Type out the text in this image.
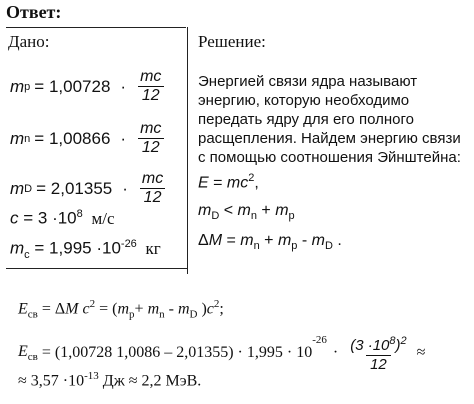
Ответ:
Дано:
m $p = 1,00728 \cdot \frac{mc}{12}$
m $n = 1,00866 \cdot \frac{mc}{12}$
m $D = 2,01355 \cdot \frac{mc}{12}$
$c = 3 \cdot 10^8$ м/с
$m_c = 1,995 \cdot 10^{-26}$ кг
Решение:
Энергией связи ядра называют
энергию, которую необходимо
передать ядру для его полного
расщепления. Найдем энергию связи
с помощью соотношения Эйнштейна:
$E = mc^2$,
$m_D < m_n + m_p$
$\Delta M = m_n + m_p - m_D$ .
$E_{св} = \Delta M$ $c^2 = (m_p+ m_n - m_D$ )$c^2$;
$E_{св} = (1,00728$ 1,0086 – 2,01355) · 1,995 · 10
$^{-26}$
· $\frac{(3 \cdot 10^8)^2}{12}$ ≈
≈ $3,57 \cdot 10^{-13}$ Дж ≈ 2,2 МэВ.
